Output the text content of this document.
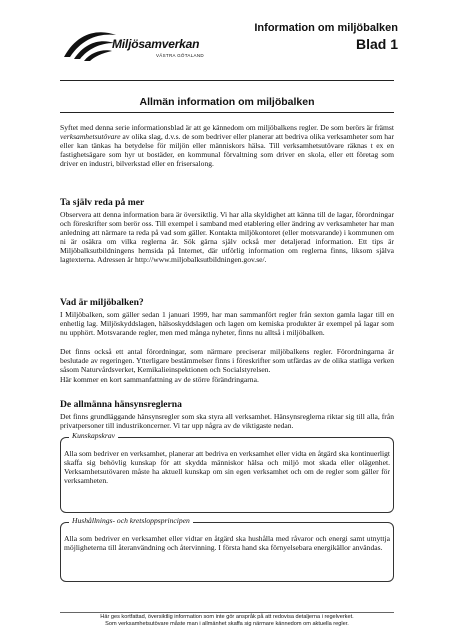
Information om miljöbalken
Blad 1
Miljösamverkan
VÄSTRA GÖTALAND
Allmän information om miljöbalken

Syftet med denna serie informationsblad är att ge kännedom om miljöbalkens regler. De som berörs är främst verksamhetsutövare av olika slag, d.v.s. de som bedriver eller planerar att bedriva olika verksamheter som har eller kan tänkas ha betydelse för miljön eller människors hälsa. Till verksamhetsutövare räknas t ex en fastighetsägare som hyr ut bostäder, en kommunal förvaltning som driver en skola, eller ett företag som driver en industri, bilverkstad eller en frisersalong.

Ta själv reda på mer

Observera att denna information bara är översiktlig. Vi har alla skyldighet att känna till de lagar, förordningar och föreskrifter som berör oss. Till exempel i samband med etablering eller ändring av verksamheter har man anledning att närmare ta reda på vad som gäller. Kontakta miljökontoret (eller motsvarande) i kommunen om ni är osäkra om vilka reglerna är. Sök gärna själv också mer detaljerad information. Ett tips är Miljöbalksutbildningens hemsida på Internet, där utförlig information om reglerna finns, liksom själva lagtexterna. Adressen är http://www.miljobalksutbildningen.gov.se/.

Vad är miljöbalken?

I Miljöbalken, som gäller sedan 1 januari 1999, har man sammanfört regler från sexton gamla lagar till en enhetlig lag. Miljöskyddslagen, hälsoskyddslagen och lagen om kemiska produkter är exempel på lagar som nu upphört. Motsvarande regler, men med många nyheter, finns nu alltså i miljöbalken.

Det finns också ett antal förordningar, som närmare preciserar miljöbalkens regler. Förordningarna är beslutade av regeringen. Ytterligare bestämmelser finns i föreskrifter som utfärdas av de olika statliga verken såsom Naturvårdsverket, Kemikalieinspektionen och Socialstyrelsen.

Här kommer en kort sammanfattning av de större förändringarna.

De allmänna hänsynsreglerna

Det finns grundläggande hänsynsregler som ska styra all verksamhet. Hänsynsreglerna riktar sig till alla, från privatpersoner till industrikoncerner. Vi tar upp några av de viktigaste nedan.

Kunskapskrav

Alla som bedriver en verksamhet, planerar att bedriva en verksamhet eller vidta en åtgärd ska kontinuerligt skaffa sig behövlig kunskap för att skydda människor hälsa och miljö mot skada eller olägenhet. Verksamhetsutövaren måste ha aktuell kunskap om sin egen verksamhet och om de regler som gäller för verksamheten.

Hushållnings- och kretsloppsprincipen

Alla som bedriver en verksamhet eller vidtar en åtgärd ska hushålla med råvaror och energi samt utnyttja möjligheterna till återanvändning och återvinning. I första hand ska förnyelsebara energikällor användas.

Här ges kortfattad, översiktlig information som inte gör anspråk på att redovisa detaljerna i regelverket.
Som verksamhetsutövare måste man i allmänhet skaffa sig närmare kännedom om aktuella regler.
